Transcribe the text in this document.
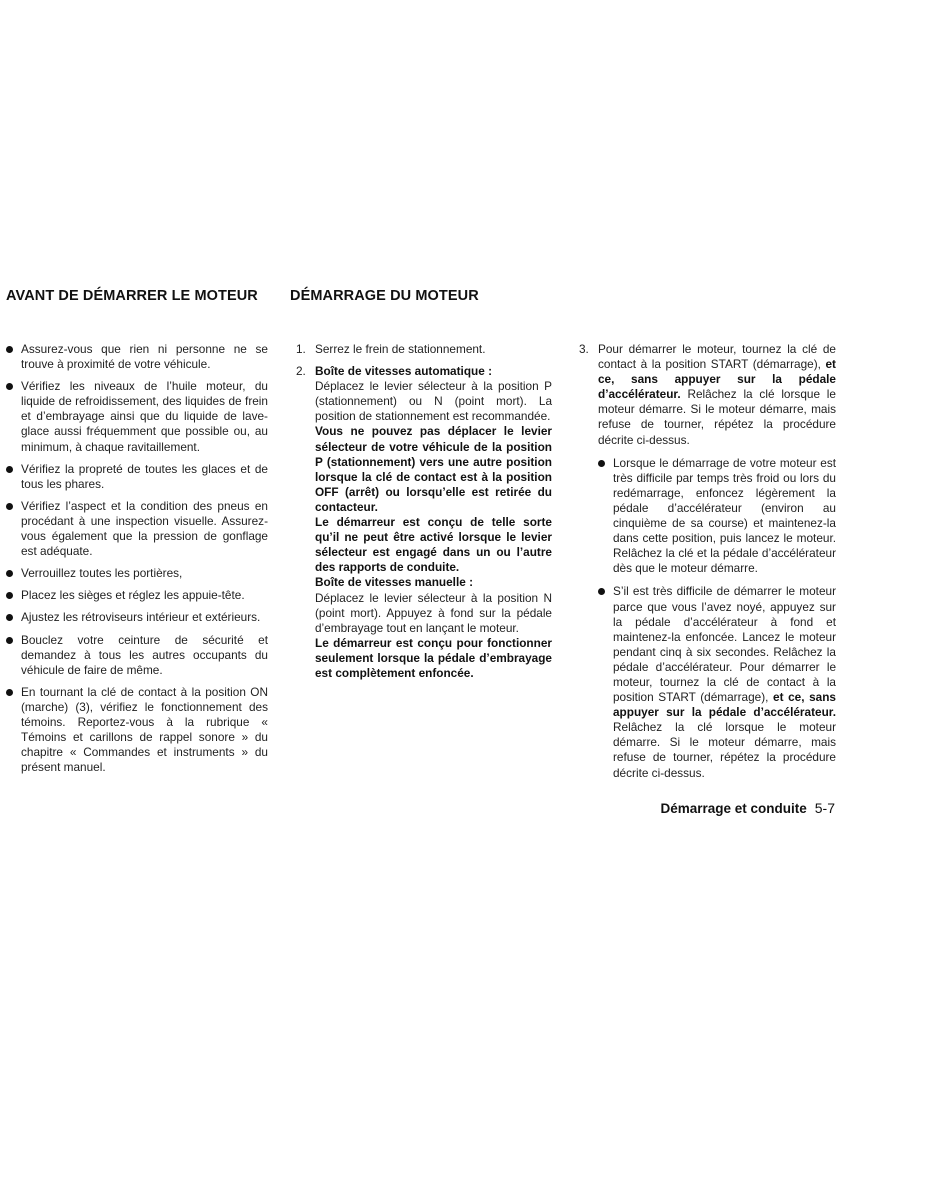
AVANT DE DÉMARRER LE MOTEUR DÉMARRAGE DU MOTEUR
Assurez-vous que rien ni personne ne se trouve à proximité de votre véhicule.
Vérifiez les niveaux de l’huile moteur, du liquide de refroidissement, des liquides de frein et d’embrayage ainsi que du liquide de lave-glace aussi fréquemment que possible ou, au minimum, à chaque ravitaillement.
Vérifiez la propreté de toutes les glaces et de tous les phares.
Vérifiez l’aspect et la condition des pneus en procédant à une inspection visuelle. Assurez-vous également que la pression de gonflage est adéquate.
Verrouillez toutes les portières,
Placez les sièges et réglez les appuie-tête.
Ajustez les rétroviseurs intérieur et extérieurs.
Bouclez votre ceinture de sécurité et demandez à tous les autres occupants du véhicule de faire de même.
En tournant la clé de contact à la position ON (marche) (3), vérifiez le fonctionnement des témoins. Reportez-vous à la rubrique « Témoins et carillons de rappel sonore » du chapitre « Commandes et instruments » du présent manuel.
1. Serrez le frein de stationnement.
2. Boîte de vitesses automatique :

Déplacez le levier sélecteur à la position P (stationnement) ou N (point mort). La position de stationnement est recommandée.

Vous ne pouvez pas déplacer le levier sélecteur de votre véhicule de la position P (stationnement) vers une autre position lorsque la clé de contact est à la position OFF (arrêt) ou lorsqu’elle est retirée du contacteur.

Le démarreur est conçu de telle sorte qu’il ne peut être activé lorsque le levier sélecteur est engagé dans un ou l’autre des rapports de conduite.

Boîte de vitesses manuelle :

Déplacez le levier sélecteur à la position N (point mort). Appuyez à fond sur la pédale d’embrayage tout en lançant le moteur.

Le démarreur est conçu pour fonctionner seulement lorsque la pédale d’embrayage est complètement enfoncée.

3. Pour démarrer le moteur, tournez la clé de contact à la position START (démarrage), et ce, sans appuyer sur la pédale d’accélérateur. Relâchez la clé lorsque le moteur démarre. Si le moteur démarre, mais refuse de tourner, répétez la procédure décrite ci-dessus.
Lorsque le démarrage de votre moteur est très difficile par temps très froid ou lors du redémarrage, enfoncez légèrement la pédale d’accélérateur (environ au cinquième de sa course) et maintenez-la dans cette position, puis lancez le moteur. Relâchez la clé et la pédale d’accélérateur dès que le moteur démarre.
S’il est très difficile de démarrer le moteur parce que vous l’avez noyé, appuyez sur la pédale d’accélérateur à fond et maintenez-la enfoncée. Lancez le moteur pendant cinq à six secondes. Relâchez la pédale d’accélérateur. Pour démarrer le moteur, tournez la clé de contact à la position START (démarrage), et ce, sans appuyer sur la pédale d’accélérateur. Relâchez la clé lorsque le moteur démarre. Si le moteur démarre, mais refuse de tourner, répétez la procédure décrite ci-dessus.
Démarrage et conduite 5-7
